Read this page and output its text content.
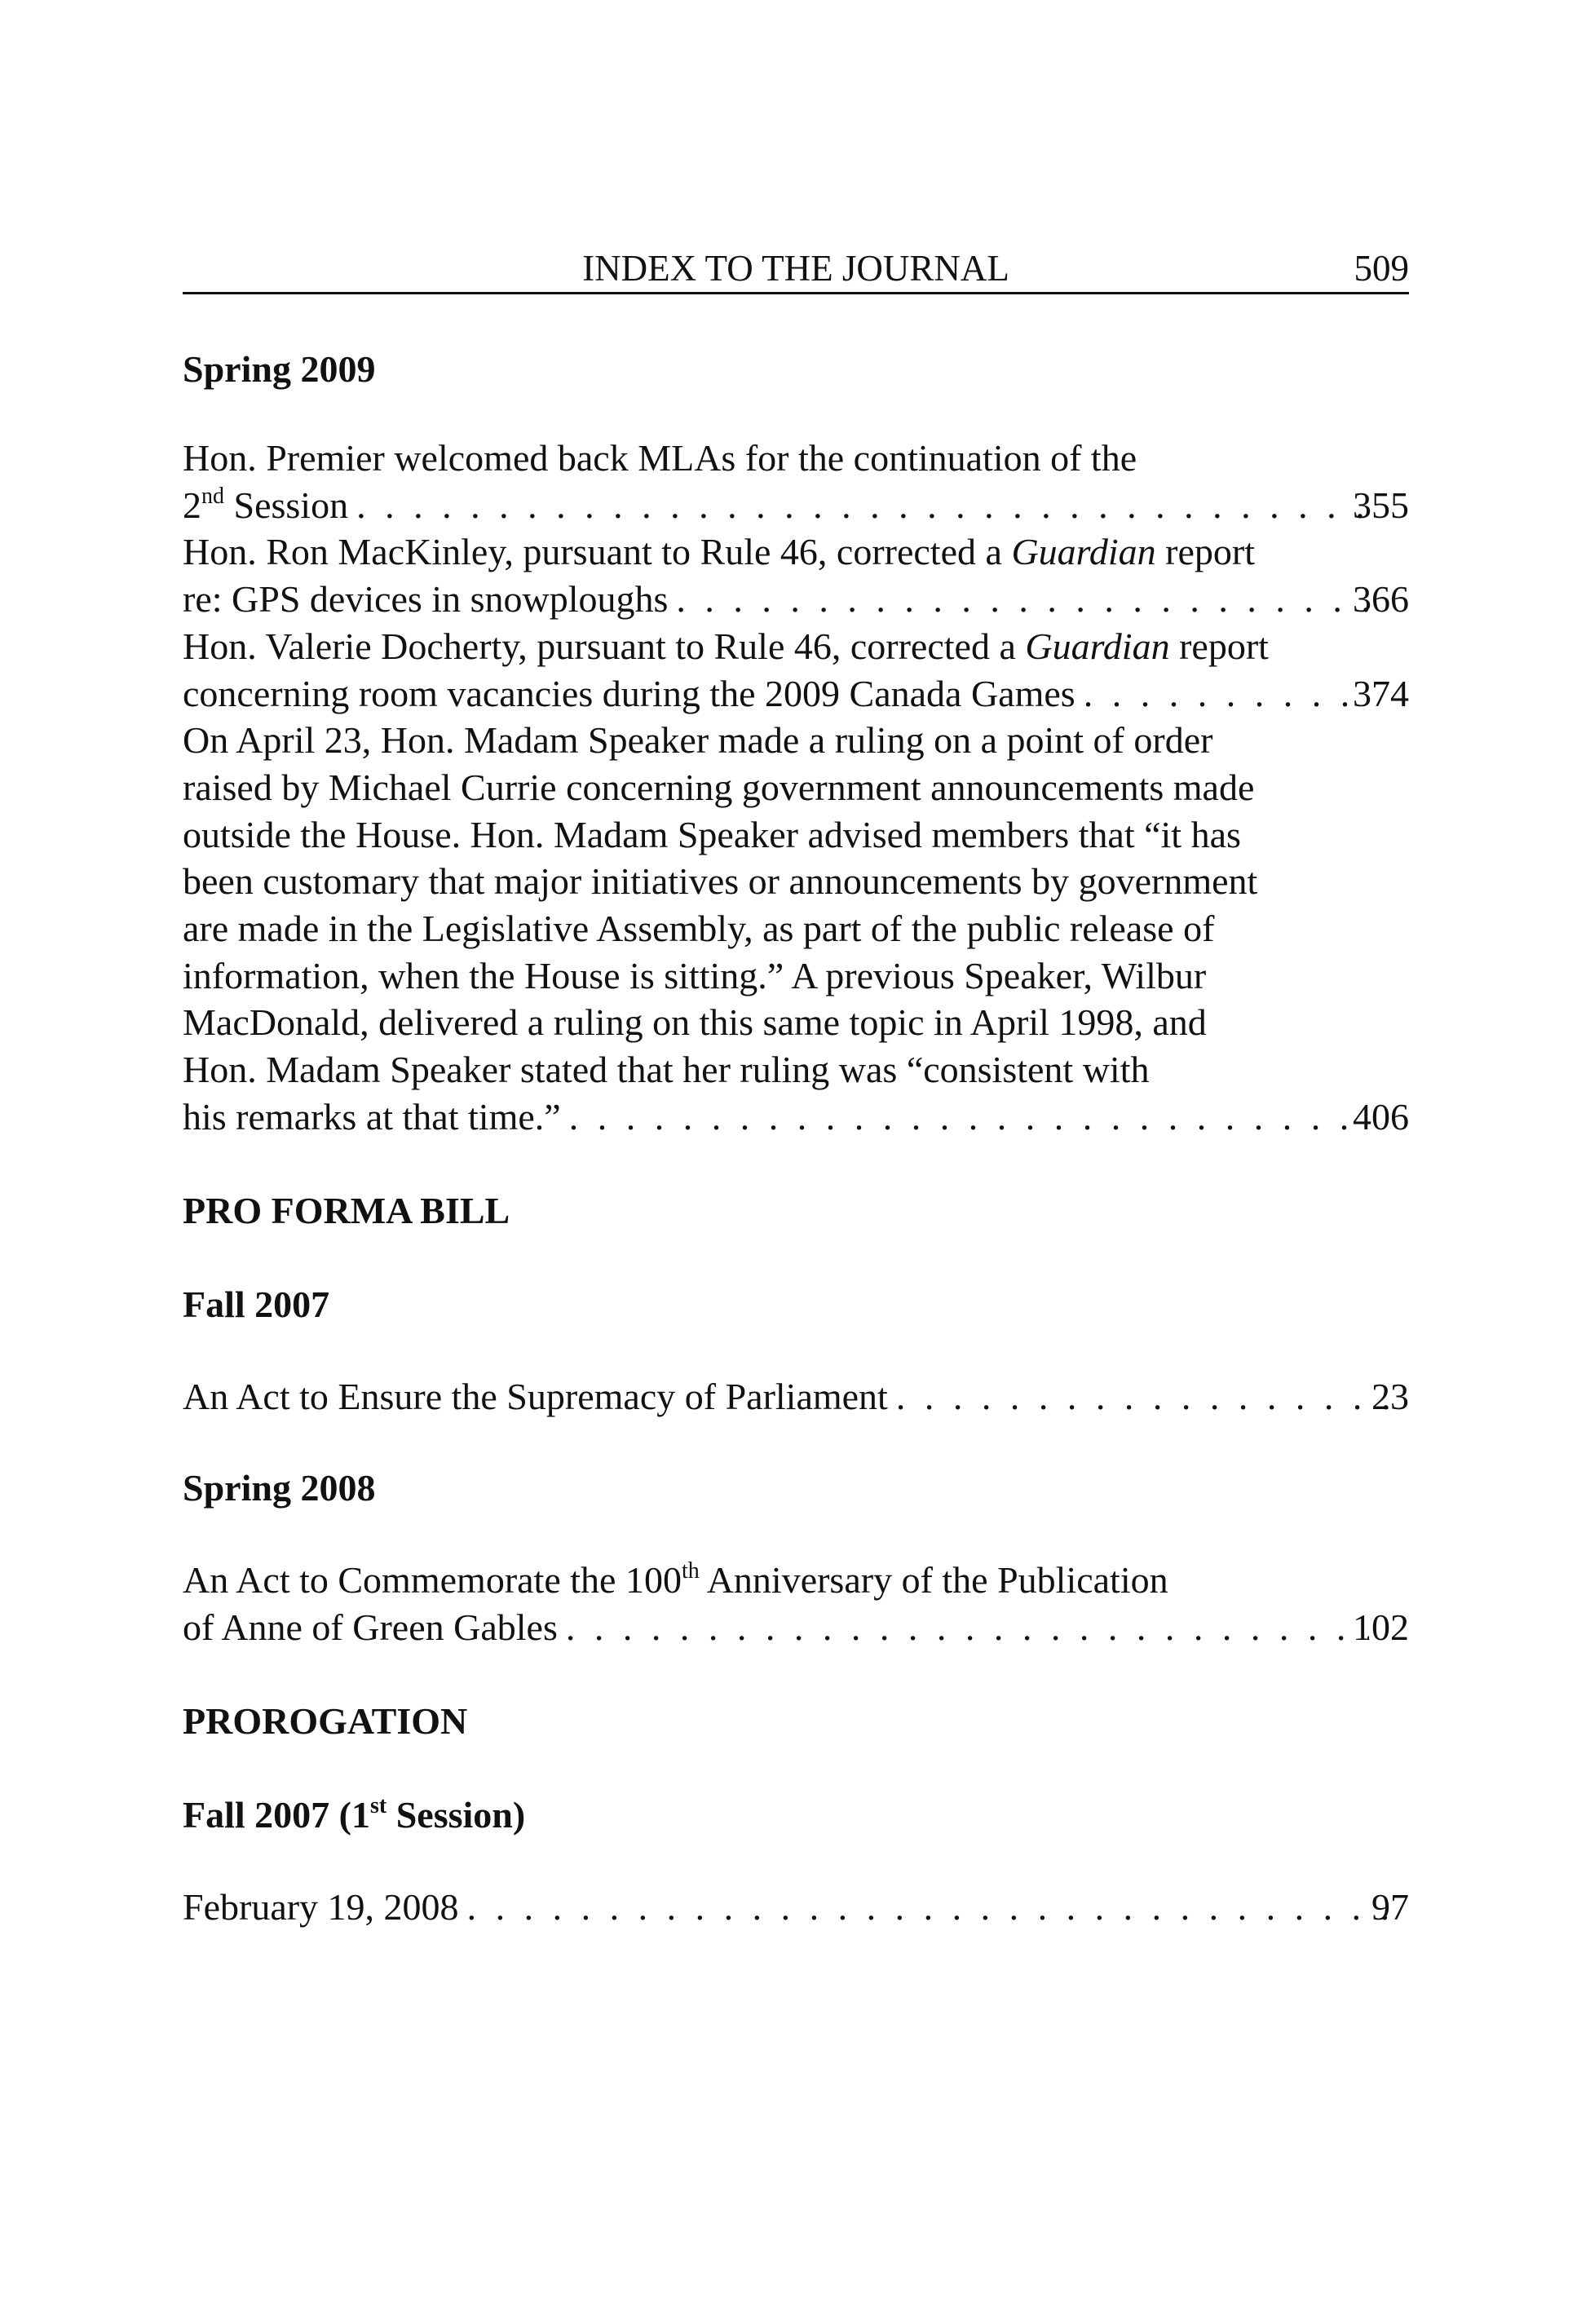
INDEX TO THE JOURNAL	509
Spring 2009
Hon. Premier welcomed back MLAs for the continuation of the
2nd Session . . .	355
Hon. Ron MacKinley, pursuant to Rule 46, corrected a Guardian report
re: GPS devices in snowploughs . . .	366
Hon. Valerie Docherty, pursuant to Rule 46, corrected a Guardian report
concerning room vacancies during the 2009 Canada Games . . .	374
On April 23, Hon. Madam Speaker made a ruling on a point of order
raised by Michael Currie concerning government announcements made
outside the House. Hon. Madam Speaker advised members that “it has
been customary that major initiatives or announcements by government
are made in the Legislative Assembly, as part of the public release of
information, when the House is sitting.” A previous Speaker, Wilbur
MacDonald, delivered a ruling on this same topic in April 1998, and
Hon. Madam Speaker stated that her ruling was “consistent with
his remarks at that time.” . . .	406
PRO FORMA BILL
Fall 2007
An Act to Ensure the Supremacy of Parliament . . .	23
Spring 2008
An Act to Commemorate the 100th Anniversary of the Publication
of Anne of Green Gables . . .	102
PROROGATION
Fall 2007 (1st Session)
February 19, 2008 . . .	97
